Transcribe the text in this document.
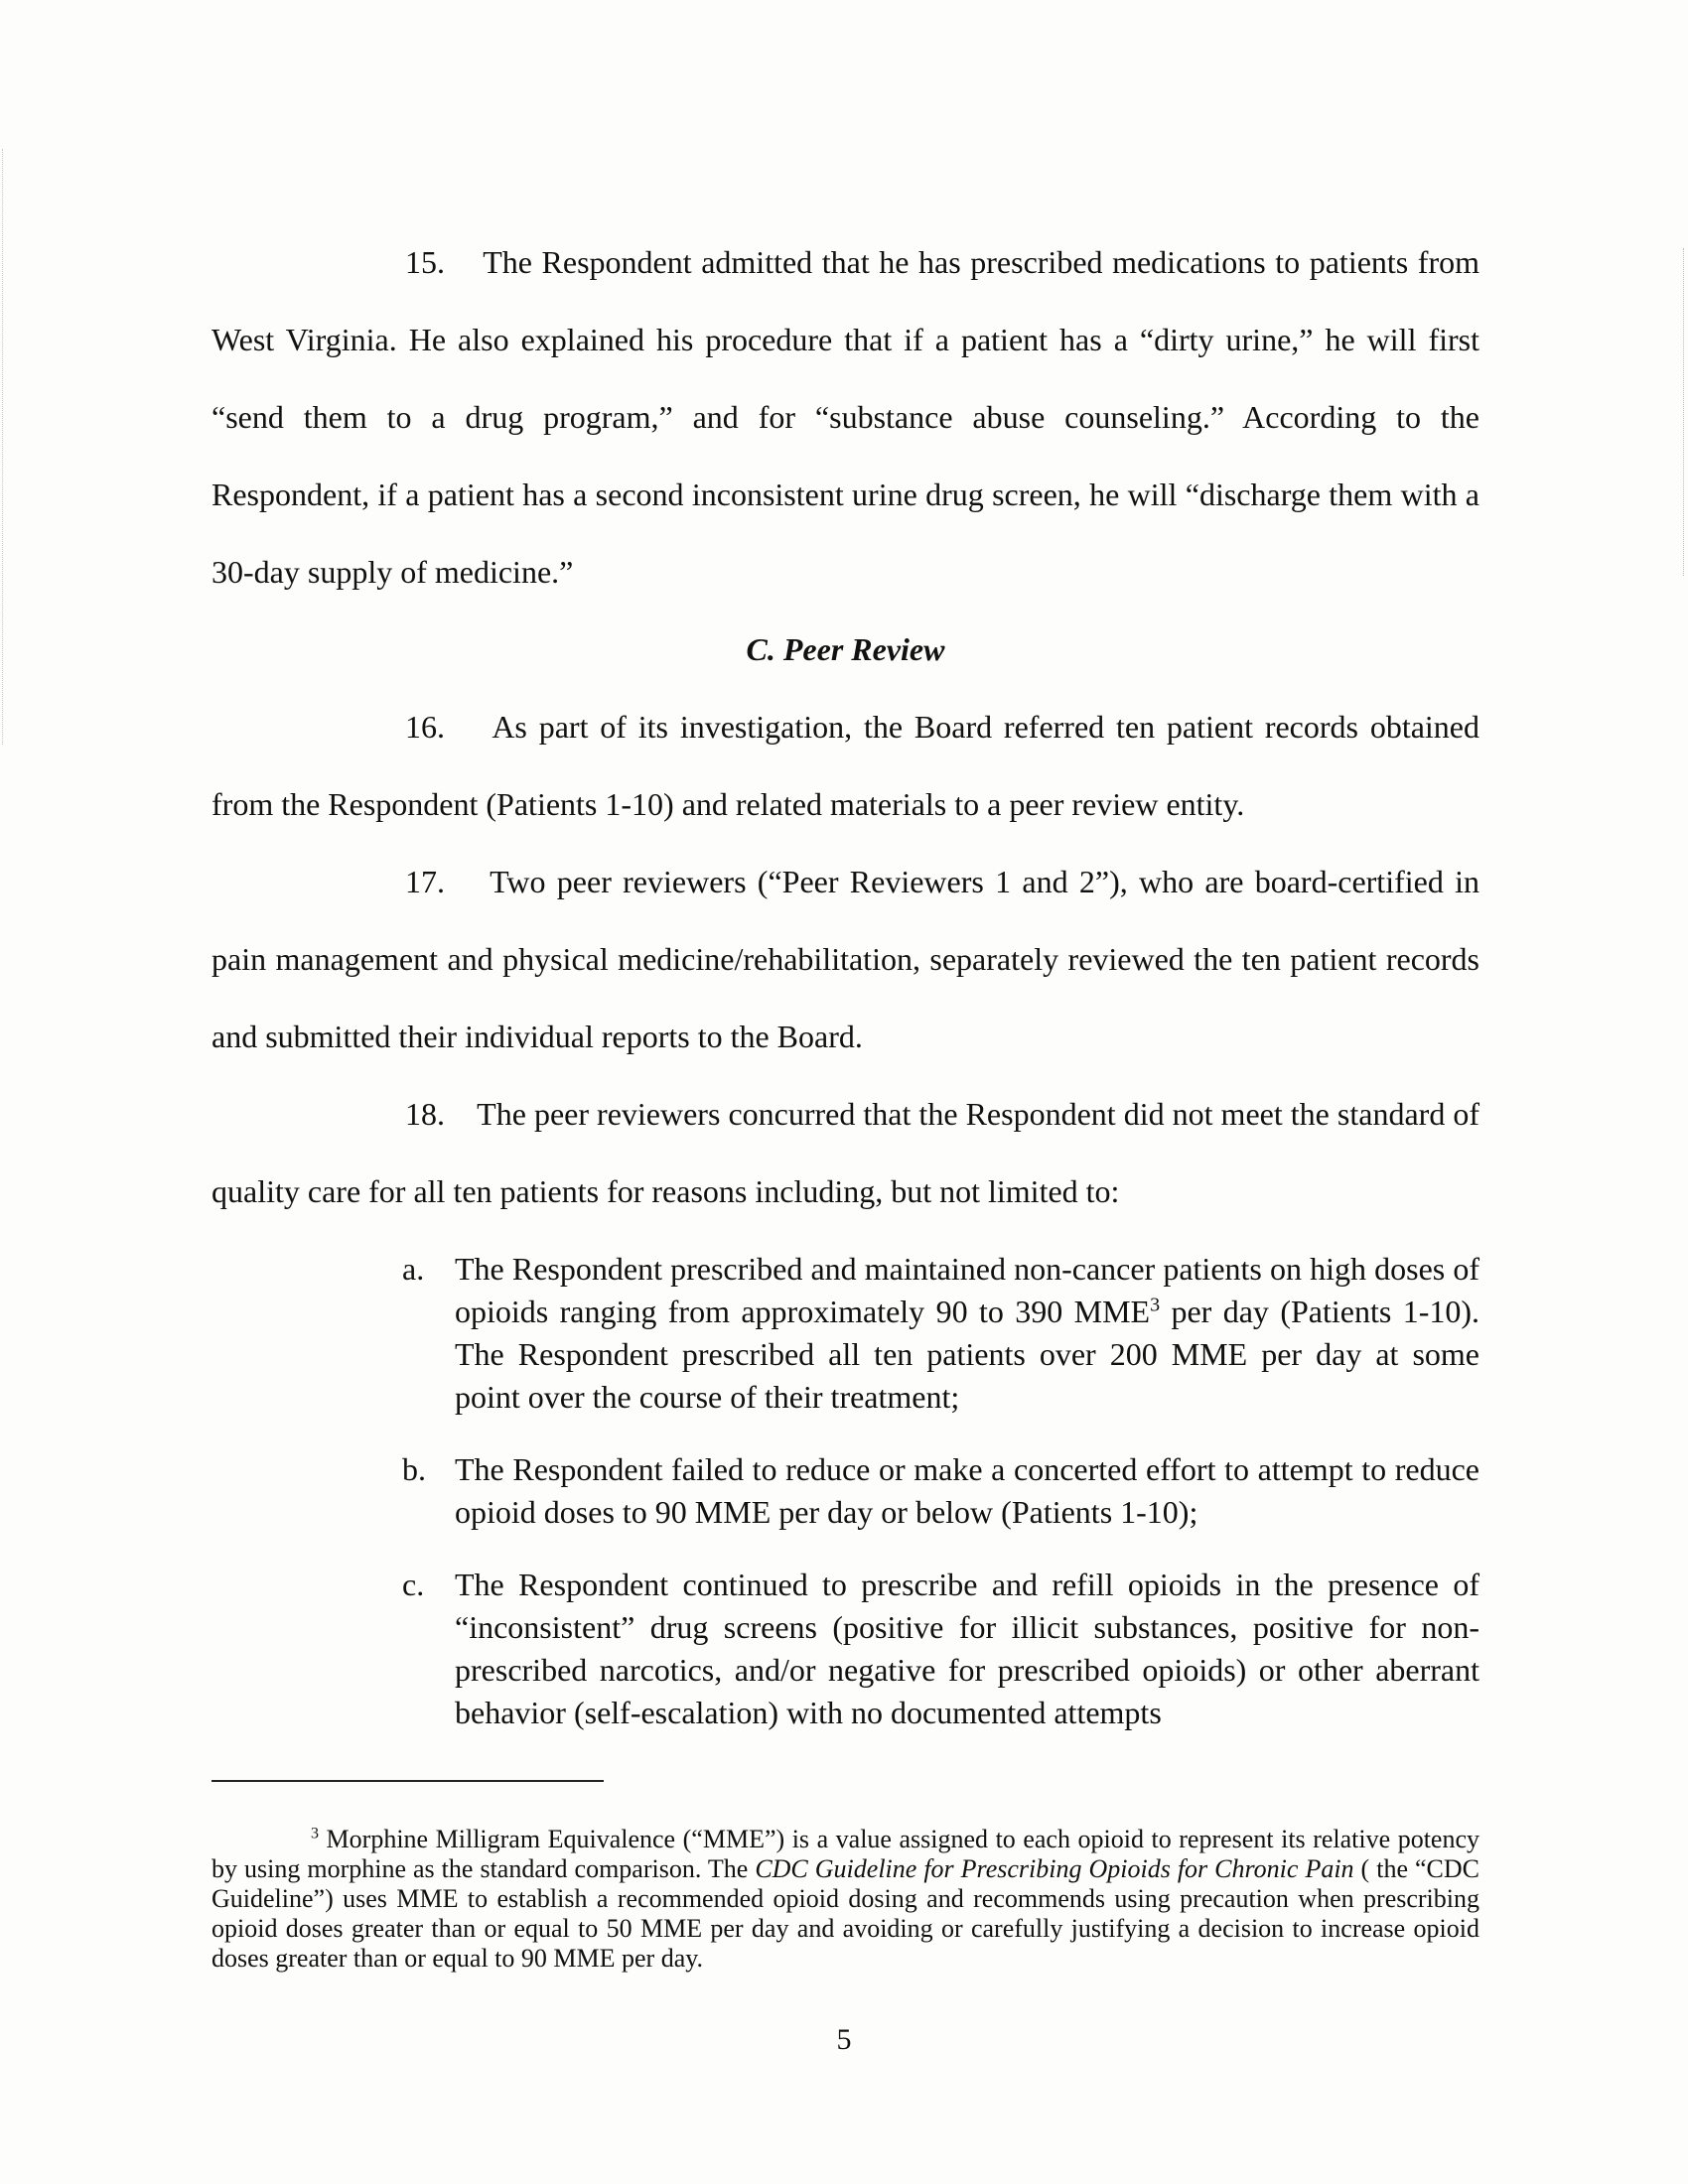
15. The Respondent admitted that he has prescribed medications to patients from West Virginia. He also explained his procedure that if a patient has a “dirty urine,” he will first “send them to a drug program,” and for “substance abuse counseling.” According to the Respondent, if a patient has a second inconsistent urine drug screen, he will “discharge them with a 30-day supply of medicine.”

C. Peer Review

16. As part of its investigation, the Board referred ten patient records obtained from the Respondent (Patients 1-10) and related materials to a peer review entity.

17. Two peer reviewers (“Peer Reviewers 1 and 2”), who are board-certified in pain management and physical medicine/rehabilitation, separately reviewed the ten patient records and submitted their individual reports to the Board.

18. The peer reviewers concurred that the Respondent did not meet the standard of quality care for all ten patients for reasons including, but not limited to:

a. The Respondent prescribed and maintained non-cancer patients on high doses of opioids ranging from approximately 90 to 390 MME$^3$ per day (Patients 1-10). The Respondent prescribed all ten patients over 200 MME per day at some point over the course of their treatment;

b. The Respondent failed to reduce or make a concerted effort to attempt to reduce opioid doses to 90 MME per day or below (Patients 1-10);

c. The Respondent continued to prescribe and refill opioids in the presence of “inconsistent” drug screens (positive for illicit substances, positive for non-prescribed narcotics, and/or negative for prescribed opioids) or other aberrant behavior (self-escalation) with no documented attempts

$^3$ Morphine Milligram Equivalence (“MME”) is a value assigned to each opioid to represent its relative potency by using morphine as the standard comparison. The CDC Guideline for Prescribing Opioids for Chronic Pain ( the “CDC Guideline”) uses MME to establish a recommended opioid dosing and recommends using precaution when prescribing opioid doses greater than or equal to 50 MME per day and avoiding or carefully justifying a decision to increase opioid doses greater than or equal to 90 MME per day.

5
